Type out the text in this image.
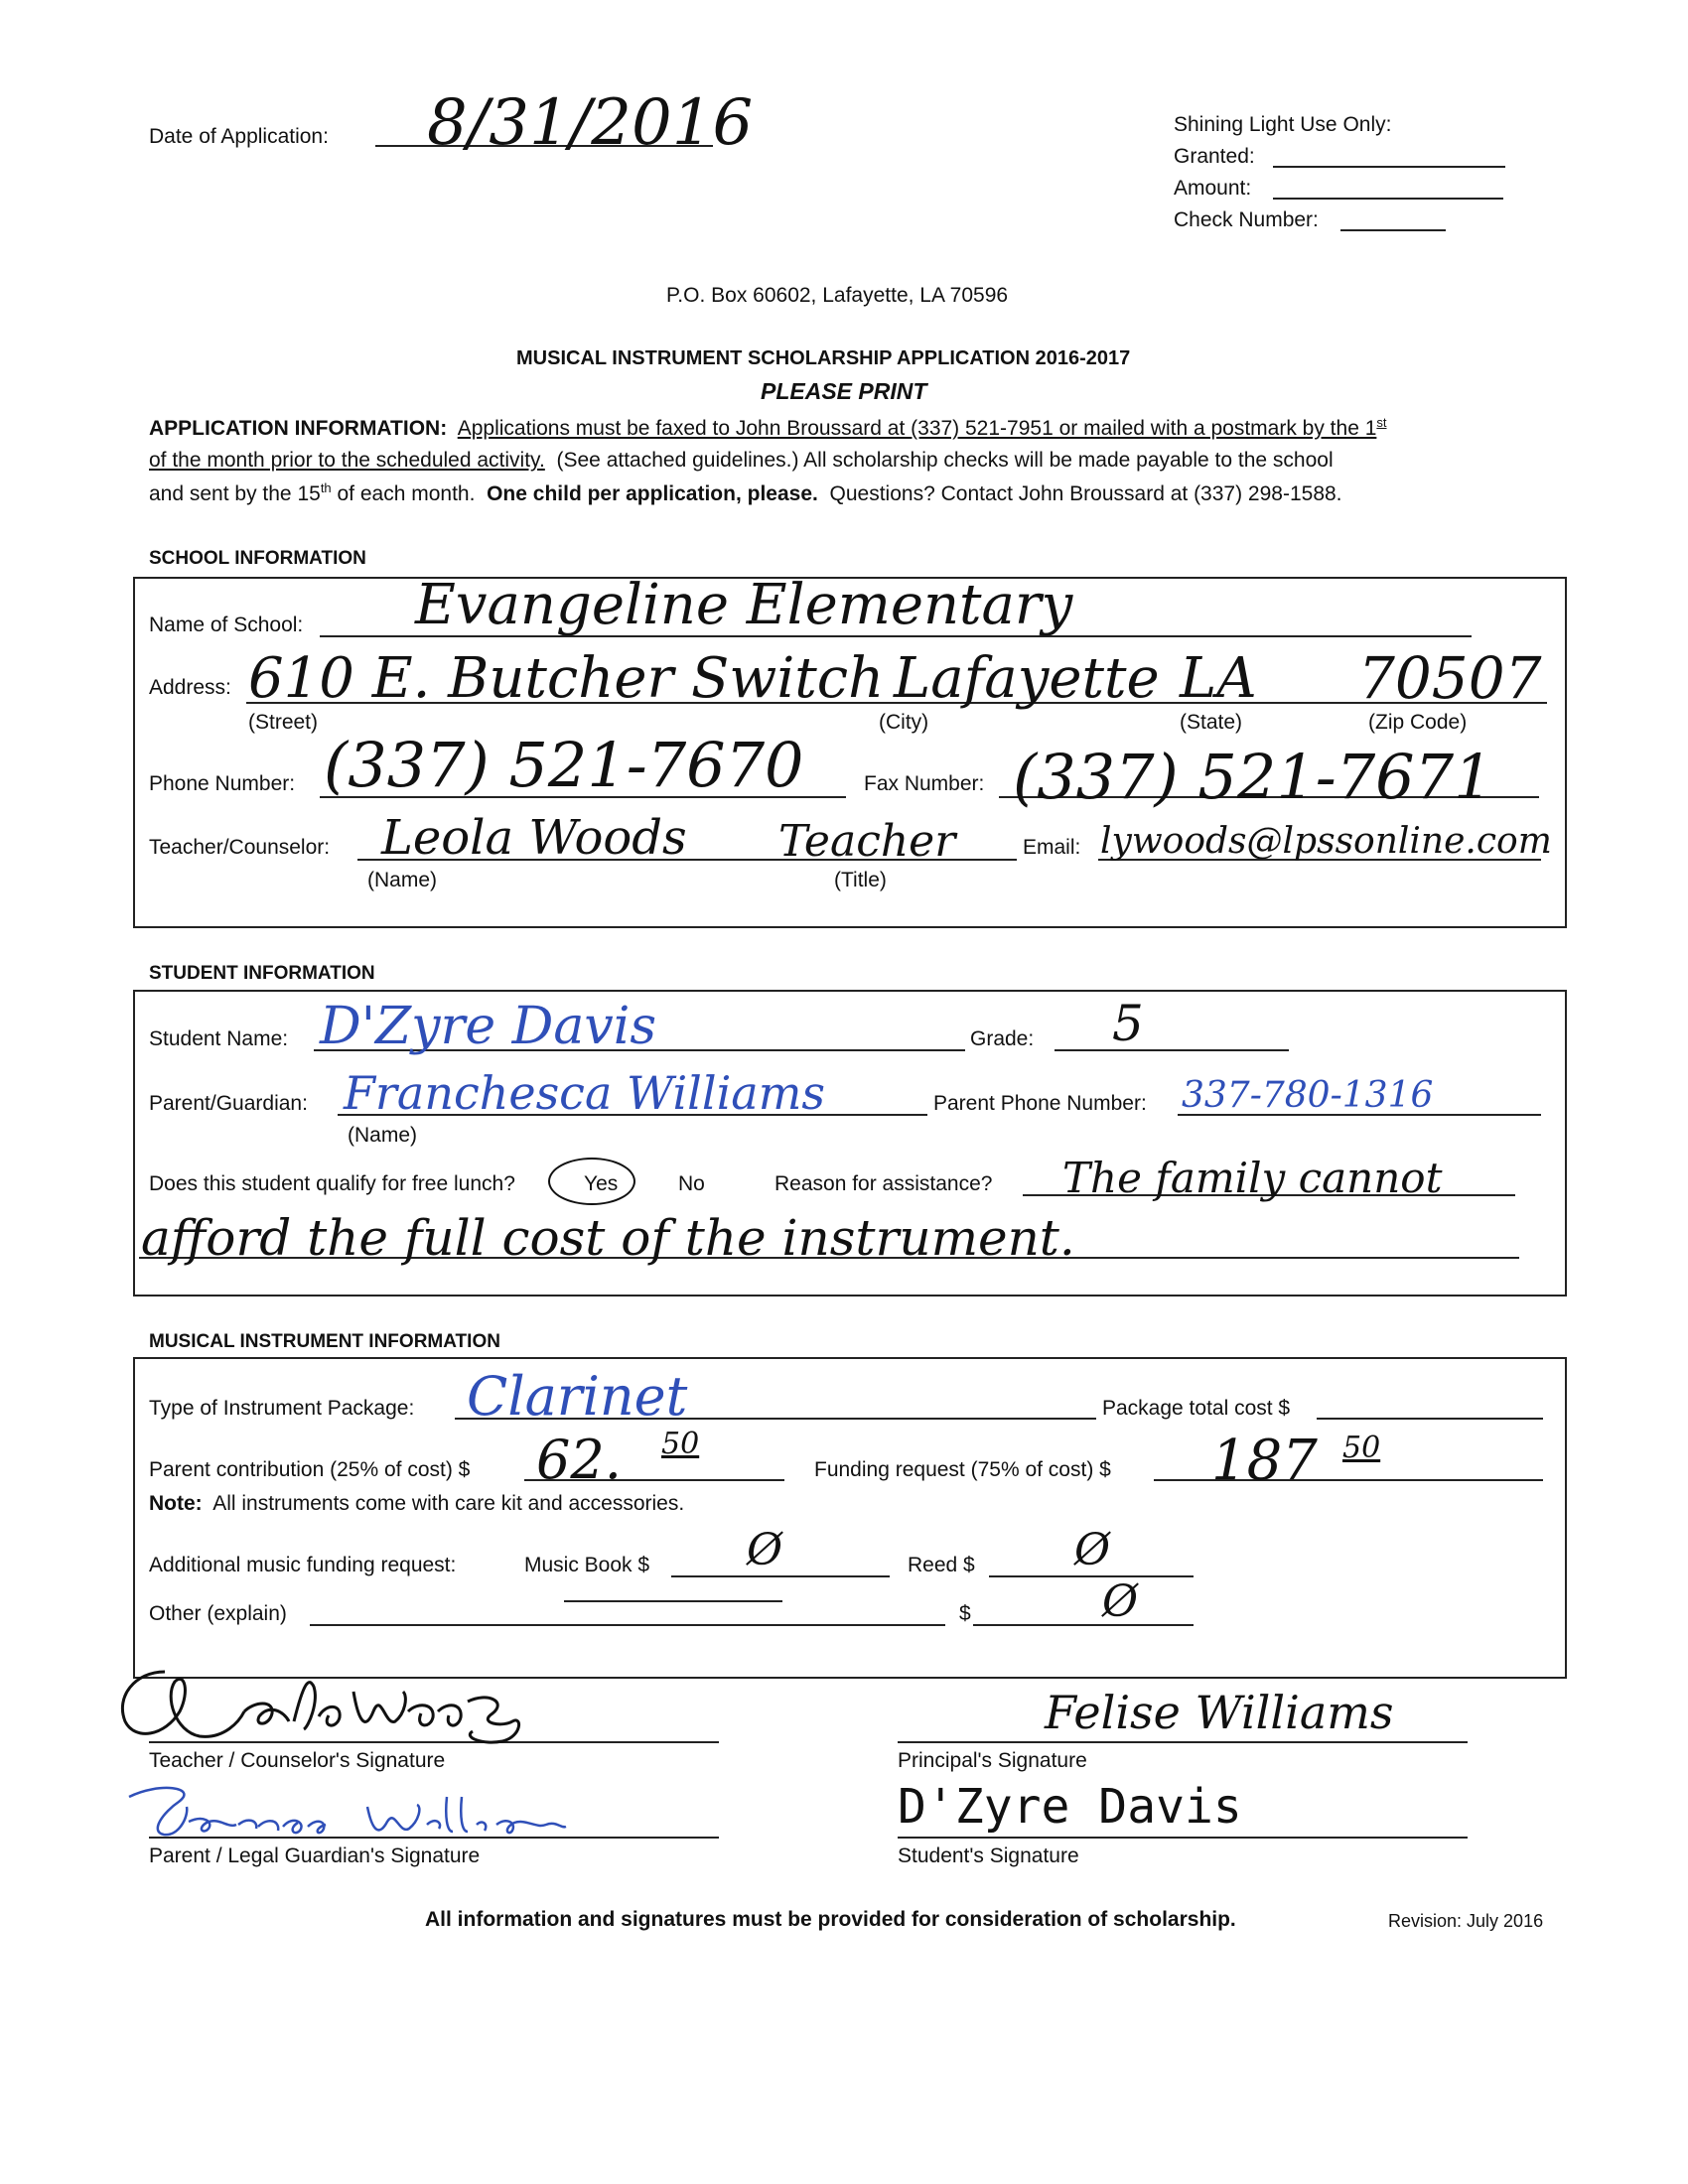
Date of Application: 8/31/2016	Shining Light Use Only:
Granted:
Amount:
Check Number:
P.O. Box 60602, Lafayette, LA 70596
MUSICAL INSTRUMENT SCHOLARSHIP APPLICATION 2016-2017
PLEASE PRINT
APPLICATION INFORMATION: Applications must be faxed to John Broussard at (337) 521-7951 or mailed with a postmark by the 1st
of the month prior to the scheduled activity. (See attached guidelines.) All scholarship checks will be made payable to the school
and sent by the 15th of each month. One child per application, please. Questions? Contact John Broussard at (337) 298-1588.
SCHOOL INFORMATION
Name of School: Evangeline Elementary
Address: 610 E. Butcher Switch Lafayette LA 70507
(Street)	(City)	(State)	(Zip Code)
Phone Number: (337) 521-7670	Fax Number: (337) 521-7671
Teacher/Counselor: Leola Woods Teacher	Email: lywoods@lpssonline.com
(Name)	(Title)
STUDENT INFORMATION
Student Name: D'Zyre Davis	Grade: 5
Parent/Guardian: Franchesca Williams
(Name)
Parent Phone Number: 337-780-1316
Does this student qualify for free lunch?	Yes	No	Reason for assistance? The family cannot
afford the full cost of the instrument.
MUSICAL INSTRUMENT INFORMATION
Type of Instrument Package: Clarinet	Package total cost $
Parent contribution (25% of cost) $ 62. 50
Funding request (75% of cost) $ 187 50
Note: All instruments come with care kit and accessories.
Additional music funding request:	Music Book $ Ø	Reed $ Ø
Other (explain)	$	Ø
Teacher / Counselor's Signature
Felise Williams
Principal's Signature
Parent / Legal Guardian's Signature
D'Zyre Davis
Student's Signature
All information and signatures must be provided for consideration of scholarship.	Revision: July 2016
